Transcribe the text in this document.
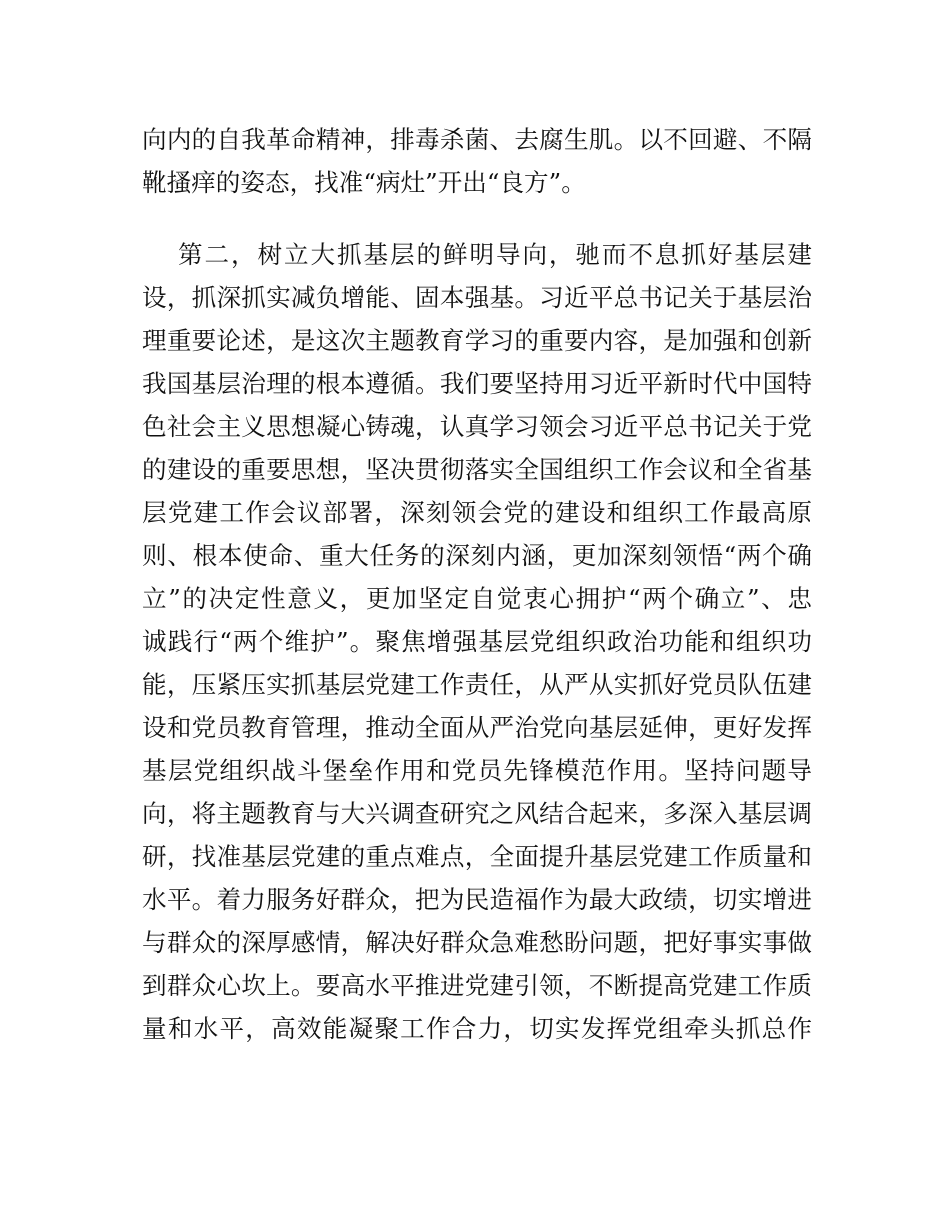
向内的自我革命精神，排毒杀菌、去腐生肌。以不回避、不隔
靴搔痒的姿态，找准“病灶”开出“良方”。
第二，树立大抓基层的鲜明导向，驰而不息抓好基层建
设，抓深抓实减负增能、固本强基。习近平总书记关于基层治
理重要论述，是这次主题教育学习的重要内容，是加强和创新
我国基层治理的根本遵循。我们要坚持用习近平新时代中国特
色社会主义思想凝心铸魂，认真学习领会习近平总书记关于党
的建设的重要思想，坚决贯彻落实全国组织工作会议和全省基
层党建工作会议部署，深刻领会党的建设和组织工作最高原
则、根本使命、重大任务的深刻内涵，更加深刻领悟“两个确
立”的决定性意义，更加坚定自觉衷心拥护“两个确立”、忠
诚践行“两个维护”。聚焦增强基层党组织政治功能和组织功
能，压紧压实抓基层党建工作责任，从严从实抓好党员队伍建
设和党员教育管理，推动全面从严治党向基层延伸，更好发挥
基层党组织战斗堡垒作用和党员先锋模范作用。坚持问题导
向，将主题教育与大兴调查研究之风结合起来，多深入基层调
研，找准基层党建的重点难点，全面提升基层党建工作质量和
水平。着力服务好群众，把为民造福作为最大政绩，切实增进
与群众的深厚感情，解决好群众急难愁盼问题，把好事实事做
到群众心坎上。要高水平推进党建引领，不断提高党建工作质
量和水平，高效能凝聚工作合力，切实发挥党组牵头抓总作
